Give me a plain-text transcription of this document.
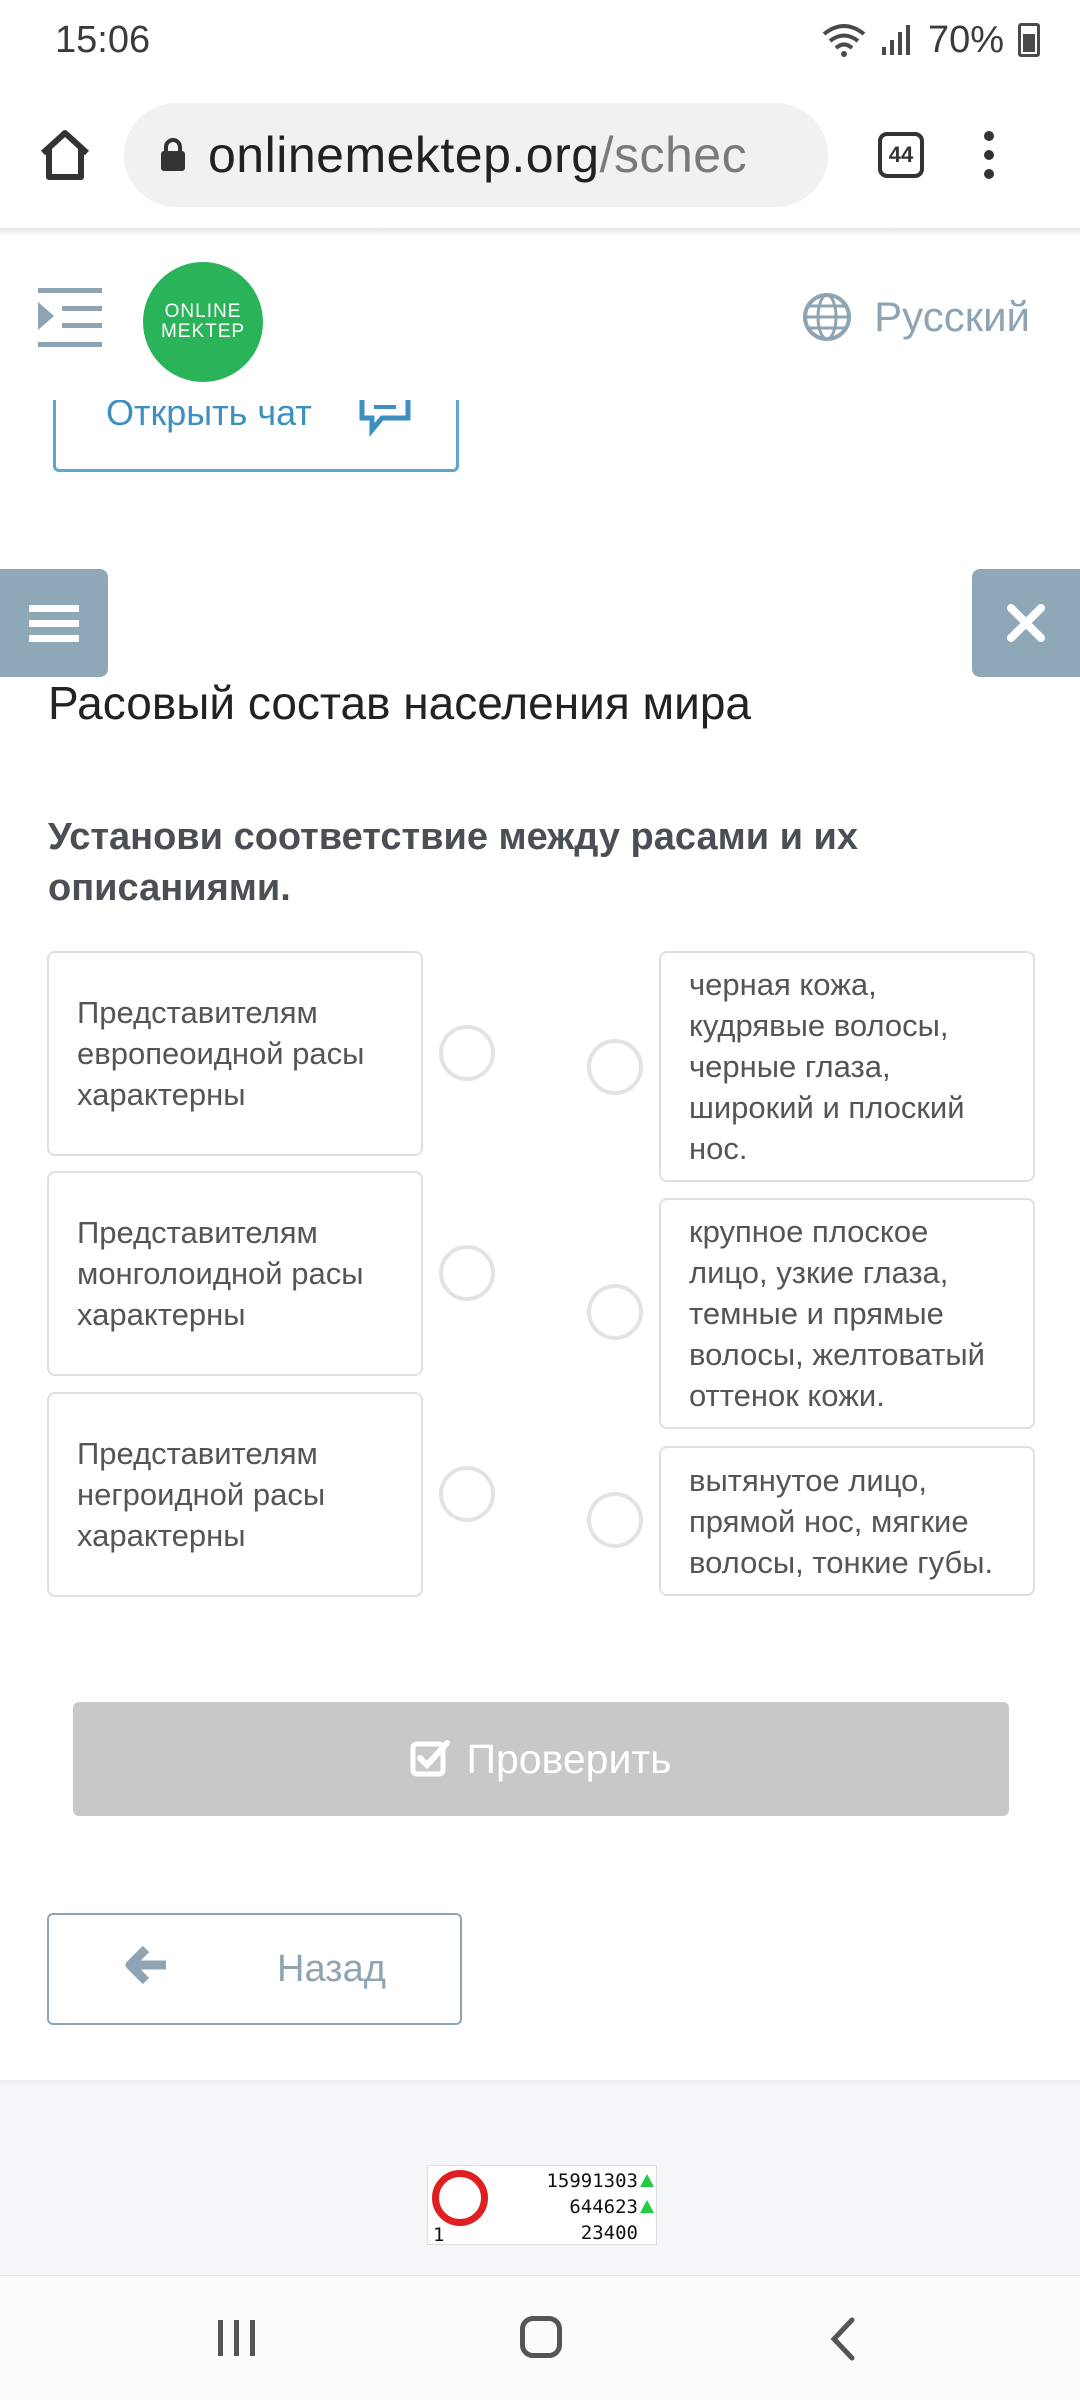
15:06	70%
onlinemektep.org/schec	44
ONLINE
MEKTEP	Русский
Открыть чат
Расовый состав населения мира
Установи соответствие между расами и их описаниями.
Представителям европеоидной расы характерны
Представителям монголоидной расы характерны
Представителям негроидной расы характерны
черная кожа, кудрявые волосы, черные глаза, широкий и плоский нос.
крупное плоское лицо, узкие глаза, темные и прямые волосы, желтоватый оттенок кожи.
вытянутое лицо, прямой нос, мягкие волосы, тонкие губы.
Проверить
Назад
1
15991303
644623
23400
